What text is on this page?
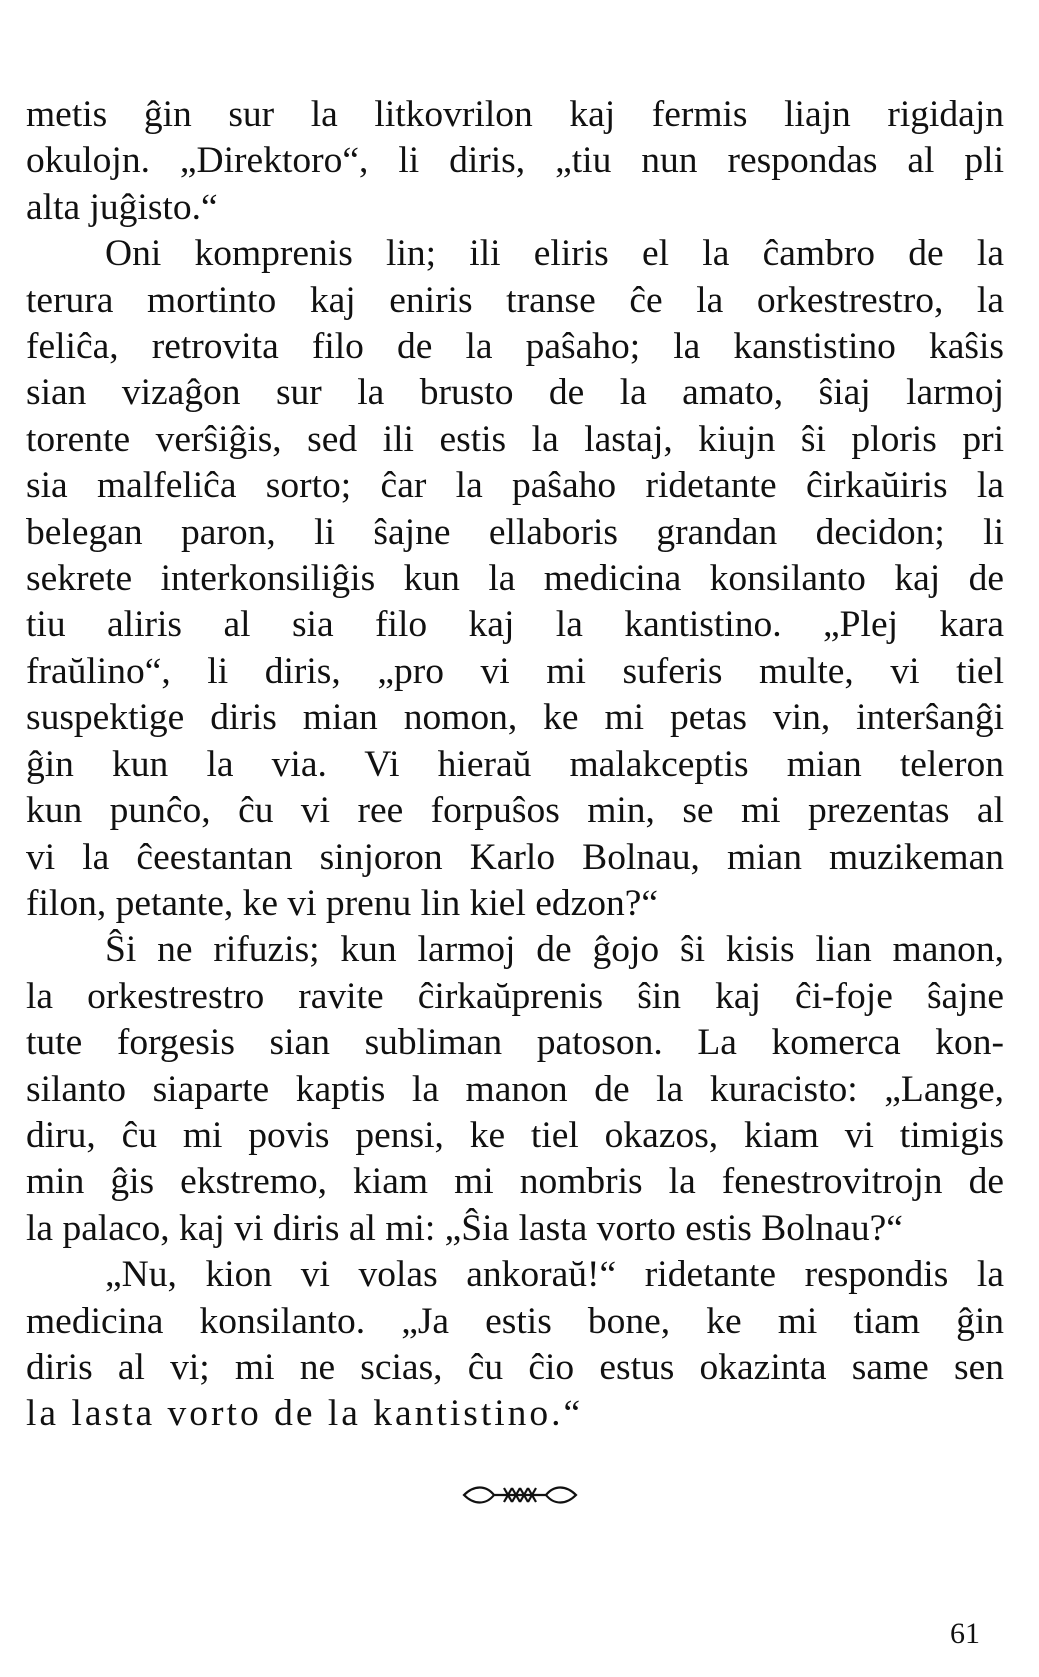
metis ĝin sur la litkovrilon kaj fermis liajn rigidajn
okulojn. „Direktoro“, li diris, „tiu nun respondas al pli
alta juĝisto.“
Oni komprenis lin; ili eliris el la ĉambro de la
terura mortinto kaj eniris transe ĉe la orkestrestro, la
feliĉa, retrovita filo de la paŝaho; la kanstistino kaŝis
sian vizaĝon sur la brusto de la amato, ŝiaj larmoj
torente verŝiĝis, sed ili estis la lastaj, kiujn ŝi ploris pri
sia malfeliĉa sorto; ĉar la paŝaho ridetante ĉirkaŭiris la
belegan paron, li ŝajne ellaboris grandan decidon; li
sekrete interkonsiliĝis kun la medicina konsilanto kaj de
tiu aliris al sia filo kaj la kantistino. „Plej kara
fraŭlino“, li diris, „pro vi mi suferis multe, vi tiel
suspektige diris mian nomon, ke mi petas vin, interŝanĝi
ĝin kun la via. Vi hieraŭ malakceptis mian teleron
kun punĉo, ĉu vi ree forpuŝos min, se mi prezentas al
vi la ĉeestantan sinjoron Karlo Bolnau, mian muzikeman
filon, petante, ke vi prenu lin kiel edzon?“
Ŝi ne rifuzis; kun larmoj de ĝojo ŝi kisis lian manon,
la orkestrestro ravite ĉirkaŭprenis ŝin kaj ĉi-foje ŝajne
tute forgesis sian subliman patoson. La komerca kon-
silanto siaparte kaptis la manon de la kuracisto: „Lange,
diru, ĉu mi povis pensi, ke tiel okazos, kiam vi timigis
min ĝis ekstremo, kiam mi nombris la fenestrovitrojn de
la palaco, kaj vi diris al mi: „Ŝia lasta vorto estis Bolnau?“
„Nu, kion vi volas ankoraŭ!“ ridetante respondis la
medicina konsilanto. „Ja estis bone, ke mi tiam ĝin
diris al vi; mi ne scias, ĉu ĉio estus okazinta same sen
la lasta vorto de la kantistino.“
61
